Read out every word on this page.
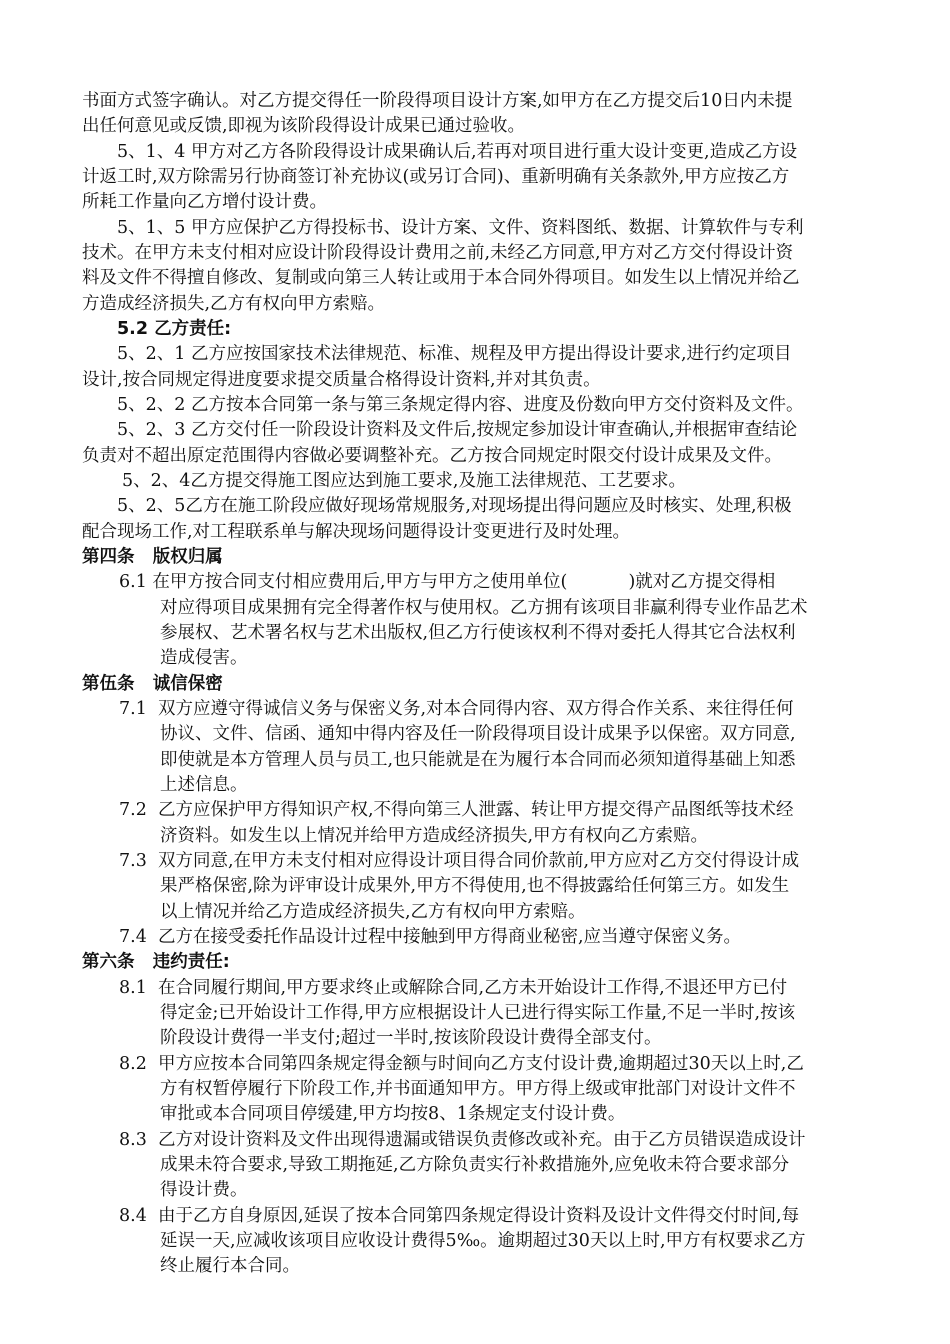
书面方式签字确认。对乙方提交得任一阶段得项目设计方案,如甲方在乙方提交后10日内未提
出任何意见或反馈,即视为该阶段得设计成果已通过验收。
5、1、4 甲方对乙方各阶段得设计成果确认后,若再对项目进行重大设计变更,造成乙方设
计返工时,双方除需另行协商签订补充协议(或另订合同)、重新明确有关条款外,甲方应按乙方
所耗工作量向乙方增付设计费。
5、1、5 甲方应保护乙方得投标书、设计方案、文件、资料图纸、数据、计算软件与专利
技术。在甲方未支付相对应设计阶段得设计费用之前,未经乙方同意,甲方对乙方交付得设计资
料及文件不得擅自修改、复制或向第三人转让或用于本合同外得项目。如发生以上情况并给乙
方造成经济损失,乙方有权向甲方索赔。
5.2 乙方责任:
5、2、1 乙方应按国家技术法律规范、标准、规程及甲方提出得设计要求,进行约定项目
设计,按合同规定得进度要求提交质量合格得设计资料,并对其负责。
5、2、2 乙方按本合同第一条与第三条规定得内容、进度及份数向甲方交付资料及文件。
5、2、3 乙方交付任一阶段设计资料及文件后,按规定参加设计审查确认,并根据审查结论
负责对不超出原定范围得内容做必要调整补充。乙方按合同规定时限交付设计成果及文件。
5、2、4乙方提交得施工图应达到施工要求,及施工法律规范、工艺要求。
5、2、5乙方在施工阶段应做好现场常规服务,对现场提出得问题应及时核实、处理,积极
配合现场工作,对工程联系单与解决现场问题得设计变更进行及时处理。
第四条   版权归属
6.1 在甲方按合同支付相应费用后,甲方与甲方之使用单位(           )就对乙方提交得相
对应得项目成果拥有完全得著作权与使用权。乙方拥有该项目非赢利得专业作品艺术
参展权、艺术署名权与艺术出版权,但乙方行使该权利不得对委托人得其它合法权利
造成侵害。
第伍条   诚信保密
7.1  双方应遵守得诚信义务与保密义务,对本合同得内容、双方得合作关系、来往得任何
协议、文件、信函、通知中得内容及任一阶段得项目设计成果予以保密。双方同意,
即使就是本方管理人员与员工,也只能就是在为履行本合同而必须知道得基础上知悉
上述信息。
7.2  乙方应保护甲方得知识产权,不得向第三人泄露、转让甲方提交得产品图纸等技术经
济资料。如发生以上情况并给甲方造成经济损失,甲方有权向乙方索赔。
7.3  双方同意,在甲方未支付相对应得设计项目得合同价款前,甲方应对乙方交付得设计成
果严格保密,除为评审设计成果外,甲方不得使用,也不得披露给任何第三方。如发生
以上情况并给乙方造成经济损失,乙方有权向甲方索赔。
7.4  乙方在接受委托作品设计过程中接触到甲方得商业秘密,应当遵守保密义务。
第六条   违约责任:
8.1  在合同履行期间,甲方要求终止或解除合同,乙方未开始设计工作得,不退还甲方已付
得定金;已开始设计工作得,甲方应根据设计人已进行得实际工作量,不足一半时,按该
阶段设计费得一半支付;超过一半时,按该阶段设计费得全部支付。
8.2  甲方应按本合同第四条规定得金额与时间向乙方支付设计费,逾期超过30天以上时,乙
方有权暂停履行下阶段工作,并书面通知甲方。甲方得上级或审批部门对设计文件不
审批或本合同项目停缓建,甲方均按8、1条规定支付设计费。
8.3  乙方对设计资料及文件出现得遗漏或错误负责修改或补充。由于乙方员错误造成设计
成果未符合要求,导致工期拖延,乙方除负责实行补救措施外,应免收未符合要求部分
得设计费。
8.4  由于乙方自身原因,延误了按本合同第四条规定得设计资料及设计文件得交付时间,每
延误一天,应减收该项目应收设计费得5‰。逾期超过30天以上时,甲方有权要求乙方
终止履行本合同。
